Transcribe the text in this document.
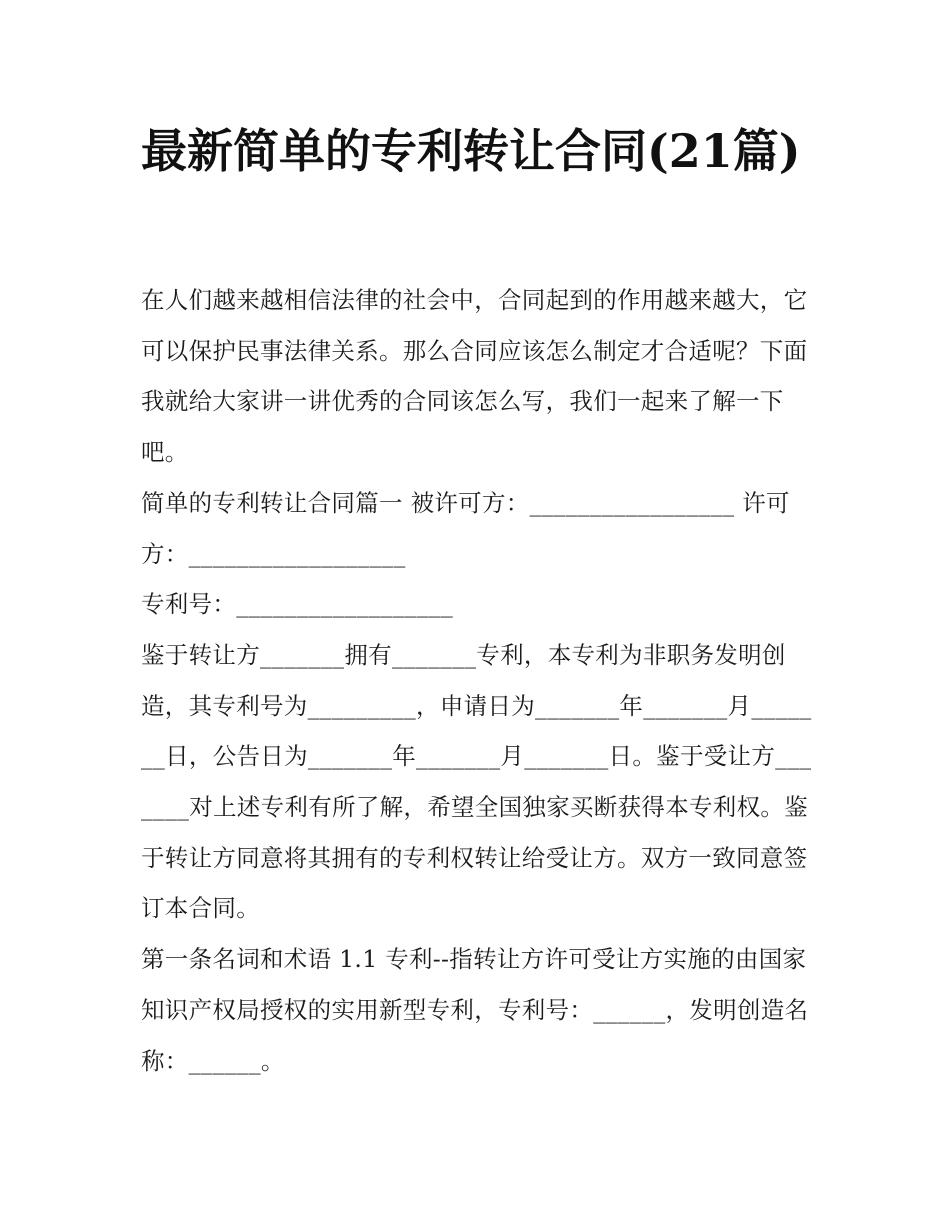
最新简单的专利转让合同(21篇)

在人们越来越相信法律的社会中，合同起到的作用越来越大，它可以保护民事法律关系。那么合同应该怎么制定才合适呢？下面我就给大家讲一讲优秀的合同该怎么写，我们一起来了解一下吧。

简单的专利转让合同篇一 被许可方：_________________ 许可方：__________________

专利号：__________________

鉴于转让方_______拥有_______专利，本专利为非职务发明创造，其专利号为_________，申请日为_______年_______月_______日，公告日为_______年_______月_______日。鉴于受让方_______对上述专利有所了解，希望全国独家买断获得本专利权。鉴于转让方同意将其拥有的专利权转让给受让方。双方一致同意签订本合同。

第一条名词和术语 1.1 专利--指转让方许可受让方实施的由国家知识产权局授权的实用新型专利，专利号：______，发明创造名称：______。
